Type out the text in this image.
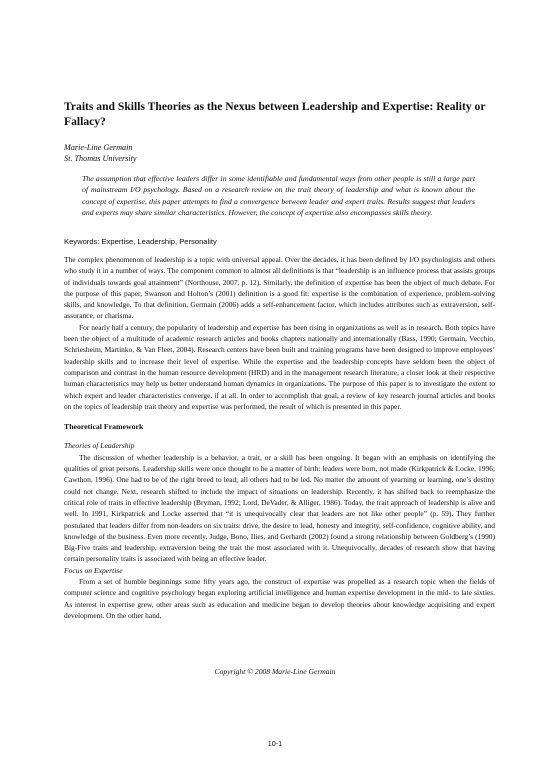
Traits and Skills Theories as the Nexus between Leadership and Expertise: Reality or Fallacy?
Marie-Line Germain
St. Thomas University

The assumption that effective leaders differ in some identifiable and fundamental ways from other people is still a large part of mainstream I/O psychology. Based on a research review on the trait theory of leadership and what is known about the concept of expertise, this paper attempts to find a convergence between leader and expert traits. Results suggest that leaders and experts may share similar characteristics. However, the concept of expertise also encompasses skills theory.

Keywords: Expertise, Leadership, Personality

The complex phenomenon of leadership is a topic with universal appeal. Over the decades, it has been defined by I/O psychologists and others who study it in a number of ways. The component common to almost all definitions is that “leadership is an influence process that assists groups of individuals towards goal attainment” (Northouse, 2007, p. 12). Similarly, the definition of expertise has been the object of much debate. For the purpose of this paper, Swanson and Holton’s (2001) definition is a good fit: expertise is the combination of experience, problem-solving skills, and knowledge. To that definition, Germain (2006) adds a self-enhancement factor, which includes attributes such as extraversion, self-assurance, or charisma.

For nearly half a century, the popularity of leadership and expertise has been rising in organizations as well as in research. Both topics have been the object of a multitude of academic research articles and books chapters nationally and internationally (Bass, 1990; Germain, Vecchio, Schriesheim, Martinko, & Van Fleet, 2004). Research centers have been built and training programs have been designed to improve employees’ leadership skills and to increase their level of expertise. While the expertise and the leadership concepts have seldom been the object of comparison and contrast in the human resource development (HRD) and in the management research literature, a closer look at their respective human characteristics may help us better understand human dynamics in organizations. The purpose of this paper is to investigate the extent to which expert and leader characteristics converge, if at all. In order to accomplish that goal, a review of key research journal articles and books on the topics of leadership trait theory and expertise was performed, the result of which is presented in this paper.

Theoretical Framework

Theories of Leadership

The discussion of whether leadership is a behavior, a trait, or a skill has been ongoing. It began with an emphasis on identifying the qualities of great persons. Leadership skills were once thought to be a matter of birth: leaders were born, not made (Kirkpatrick & Locke, 1996; Cawthon, 1996). One had to be of the right breed to lead; all others had to be led. No matter the amount of yearning or learning, one’s destiny could not change. Next, research shifted to include the impact of situations on leadership. Recently, it has shifted back to reemphasize the critical role of traits in effective leadership (Bryman, 1992; Lord, DeVader, & Alliger, 1986). Today, the trait approach of leadership is alive and well. In 1991, Kirkpatrick and Locke asserted that “it is unequivocally clear that leaders are not like other people” (p. 59). They further postulated that leaders differ from non-leaders on six traits: drive, the desire to lead, honesty and integrity, self-confidence, cognitive ability, and knowledge of the business. Even more recently, Judge, Bono, Ilies, and Gerhardt (2002) found a strong relationship between Goldberg’s (1990) Big-Five traits and leadership, extraversion being the trait the most associated with it. Unequivocally, decades of research show that having certain personality traits is associated with being an effective leader.

Focus on Expertise

From a set of humble beginnings some fifty years ago, the construct of expertise was propelled as a research topic when the fields of computer science and cognitive psychology began exploring artificial intelligence and human expertise development in the mid- to late sixties. As interest in expertise grew, other areas such as education and medicine began to develop theories about knowledge acquisiting and expert development. On the other hand,

Copyright © 2008 Marie-Line Germain
10-1
